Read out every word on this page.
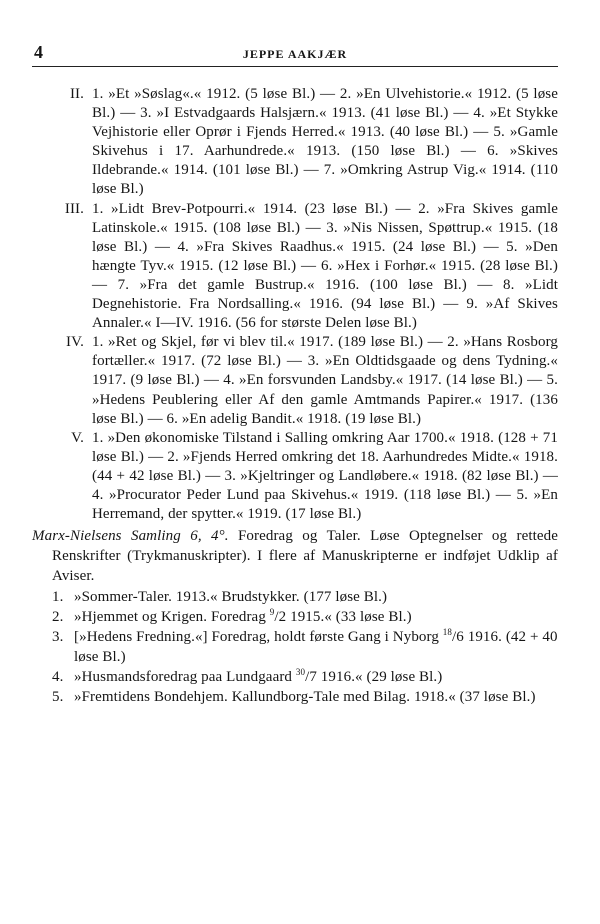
4	JEPPE AAKJÆR
II. 1. »Et »Søslag«.« 1912. (5 løse Bl.) — 2. »En Ulvehistorie.« 1912. (5 løse Bl.) — 3. »I Estvadgaards Halsjærn.« 1913. (41 løse Bl.) — 4. »Et Stykke Vejhistorie eller Oprør i Fjends Herred.« 1913. (40 løse Bl.) — 5. »Gamle Skivehus i 17. Aarhundrede.« 1913. (150 løse Bl.) — 6. »Skives Ildebrande.« 1914. (101 løse Bl.) — 7. »Omkring Astrup Vig.« 1914. (110 løse Bl.)
III. 1. »Lidt Brev-Potpourri.« 1914. (23 løse Bl.) — 2. »Fra Skives gamle Latinskole.« 1915. (108 løse Bl.) — 3. »Nis Nissen, Spøttrup.« 1915. (18 løse Bl.) — 4. »Fra Skives Raadhus.« 1915. (24 løse Bl.) — 5. »Den hængte Tyv.« 1915. (12 løse Bl.) — 6. »Hex i Forhør.« 1915. (28 løse Bl.) — 7. »Fra det gamle Bustrup.« 1916. (100 løse Bl.) — 8. »Lidt Degnehistorie. Fra Nordsalling.« 1916. (94 løse Bl.) — 9. »Af Skives Annaler.« I—IV. 1916. (56 for største Delen løse Bl.)
IV. 1. »Ret og Skjel, før vi blev til.« 1917. (189 løse Bl.) — 2. »Hans Rosborg fortæller.« 1917. (72 løse Bl.) — 3. »En Oldtidsgaade og dens Tydning.« 1917. (9 løse Bl.) — 4. »En forsvunden Landsby.« 1917. (14 løse Bl.) — 5. »Hedens Peublering eller Af den gamle Amtmands Papirer.« 1917. (136 løse Bl.) — 6. »En adelig Bandit.« 1918. (19 løse Bl.)
V. 1. »Den økonomiske Tilstand i Salling omkring Aar 1700.« 1918. (128 + 71 løse Bl.) — 2. »Fjends Herred omkring det 18. Aarhundredes Midte.« 1918. (44 + 42 løse Bl.) — 3. »Kjeltringer og Landløbere.« 1918. (82 løse Bl.) — 4. »Procurator Peder Lund paa Skivehus.« 1919. (118 løse Bl.) — 5. »En Herremand, der spytter.« 1919. (17 løse Bl.)
Marx-Nielsens Samling 6, 4°. Foredrag og Taler. Løse Optegnelser og rettede Renskrifter (Trykmanuskripter). I flere af Manuskripterne er indføjet Udklip af Aviser.
1. »Sommer-Taler. 1913.« Brudstykker. (177 løse Bl.)
2. »Hjemmet og Krigen. Foredrag $^9$/2 1915.« (33 løse Bl.)
3. [»Hedens Fredning.«] Foredrag, holdt første Gang i Nyborg $^{18}$/6 1916. (42 + 40 løse Bl.)
4. »Husmandsforedrag paa Lundgaard $^{30}$/7 1916.« (29 løse Bl.)
5. »Fremtidens Bondehjem. Kallundborg-Tale med Bilag. 1918.« (37 løse Bl.)
